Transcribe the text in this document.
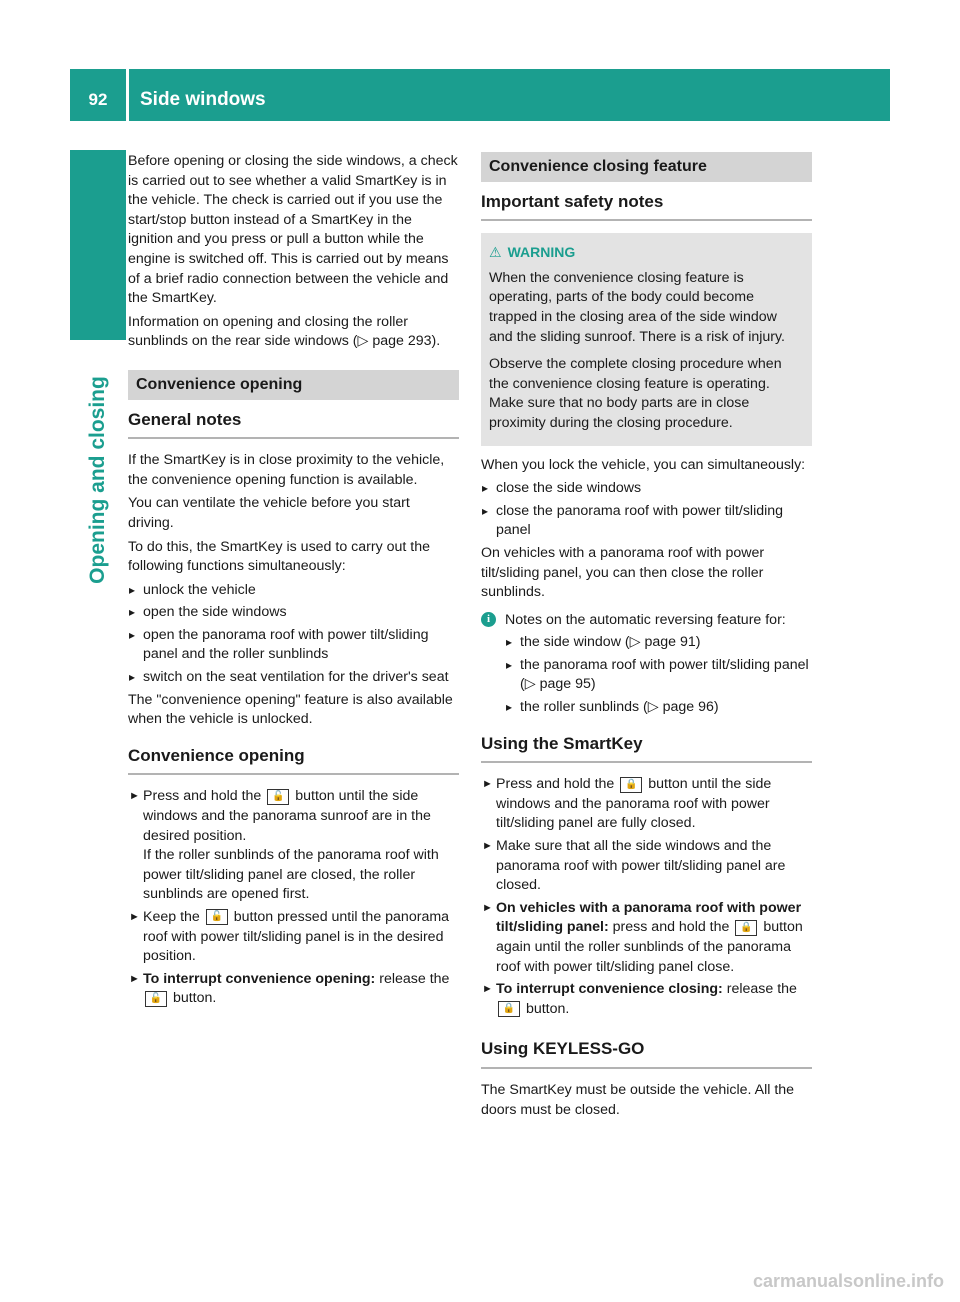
92	Side windows
Opening and closing

Before opening or closing the side windows, a check is carried out to see whether a valid SmartKey is in the vehicle. The check is carried out if you use the start/stop button instead of a SmartKey in the ignition and you press or pull a button while the engine is switched off. This is carried out by means of a brief radio connection between the vehicle and the SmartKey.

Information on opening and closing the roller sunblinds on the rear side windows (▷ page 293).

Convenience opening
General notes

If the SmartKey is in close proximity to the vehicle, the convenience opening function is available.

You can ventilate the vehicle before you start driving.

To do this, the SmartKey is used to carry out the following functions simultaneously:

▸ unlock the vehicle
▸ open the side windows
▸ open the panorama roof with power tilt/sliding panel and the roller sunblinds
▸ switch on the seat ventilation for the driver's seat

The "convenience opening" feature is also available when the vehicle is unlocked.

Convenience opening
► Press and hold the 🔓 button until the side windows and the panorama sunroof are in the desired position.
If the roller sunblinds of the panorama roof with power tilt/sliding panel are closed, the roller sunblinds are opened first.
► Keep the 🔓 button pressed until the panorama roof with power tilt/sliding panel is in the desired position.
► To interrupt convenience opening: release the 🔓 button.
Convenience closing feature
Important safety notes
⚠ WARNING

When the convenience closing feature is operating, parts of the body could become trapped in the closing area of the side window and the sliding sunroof. There is a risk of injury.

Observe the complete closing procedure when the convenience closing feature is operating. Make sure that no body parts are in close proximity during the closing procedure.

When you lock the vehicle, you can simultaneously:

▸ close the side windows
▸ close the panorama roof with power tilt/sliding panel

On vehicles with a panorama roof with power tilt/sliding panel, you can then close the roller sunblinds.

i	Notes on the automatic reversing feature for:
▸ the side window (▷ page 91)
▸ the panorama roof with power tilt/sliding panel (▷ page 95)
▸ the roller sunblinds (▷ page 96)
Using the SmartKey
► Press and hold the 🔒 button until the side windows and the panorama roof with power tilt/sliding panel are fully closed.
► Make sure that all the side windows and the panorama roof with power tilt/sliding panel are closed.
► On vehicles with a panorama roof with power tilt/sliding panel: press and hold the 🔒 button again until the roller sunblinds of the panorama roof with power tilt/sliding panel close.
► To interrupt convenience closing: release the 🔒 button.
Using KEYLESS-GO

The SmartKey must be outside the vehicle. All the doors must be closed.

carmanualsonline.info
